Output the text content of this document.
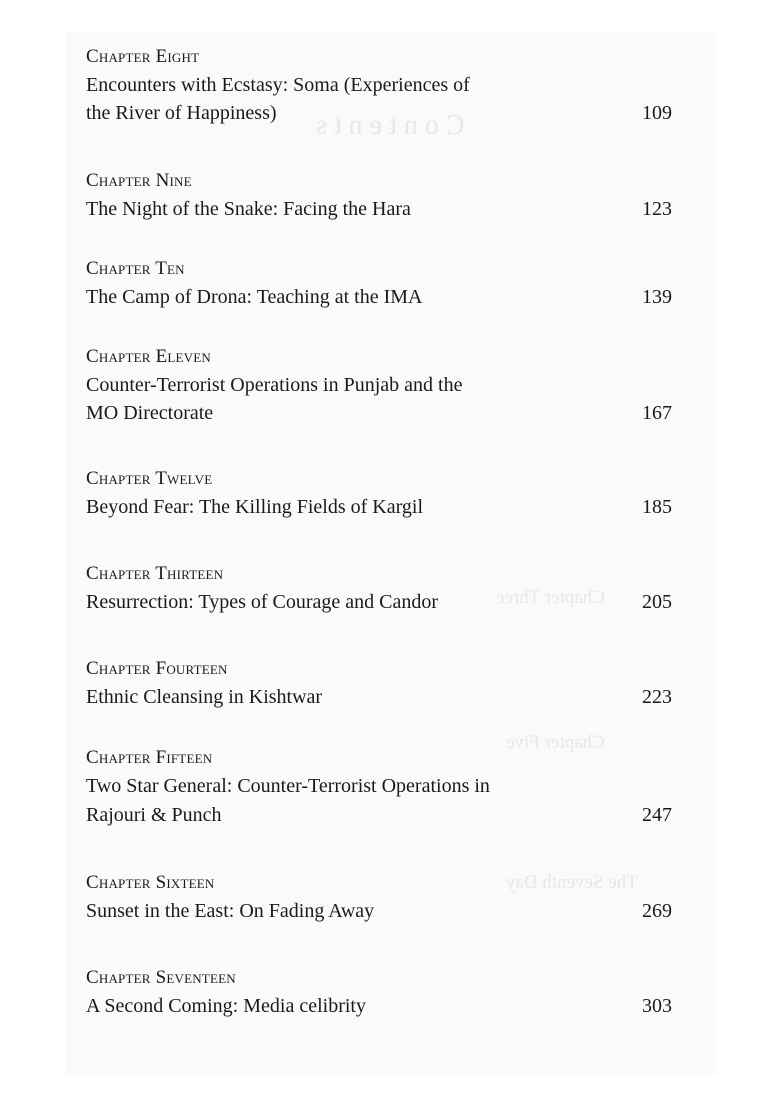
C o n t e n t s
Chapter Three
Chapter Five
The Seventh Day
Chapter Eight
Encounters with Ecstasy: Soma (Experiences of
the River of Happiness)	109
Chapter Nine
The Night of the Snake: Facing the Hara	123
Chapter Ten
The Camp of Drona: Teaching at the IMA	139
Chapter Eleven
Counter-Terrorist Operations in Punjab and the
MO Directorate	167
Chapter Twelve
Beyond Fear: The Killing Fields of Kargil	185
Chapter Thirteen
Resurrection: Types of Courage and Candor	205
Chapter Fourteen
Ethnic Cleansing in Kishtwar	223
Chapter Fifteen
Two Star General: Counter-Terrorist Operations in
Rajouri & Punch	247
Chapter Sixteen
Sunset in the East: On Fading Away	269
Chapter Seventeen
A Second Coming: Media celibrity	303
